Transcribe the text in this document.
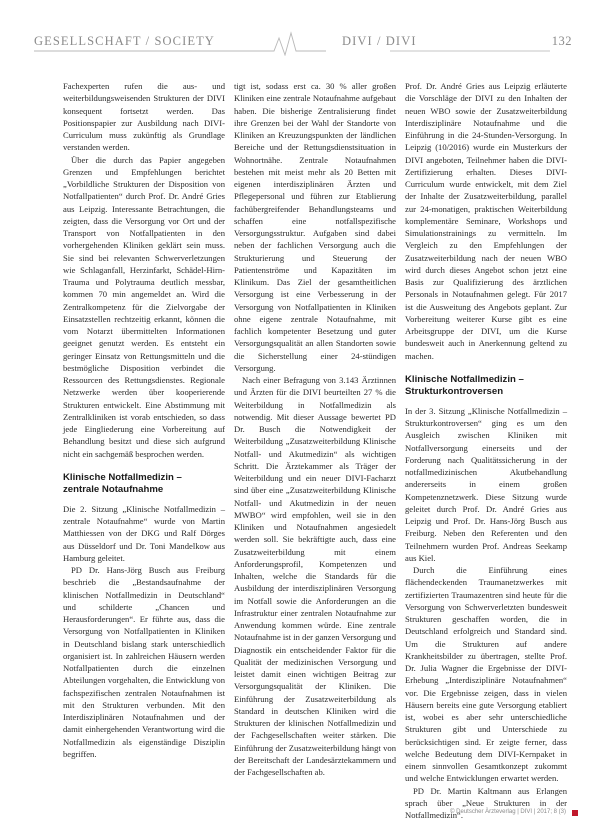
GESELLSCHAFT / SOCIETY	DIVI / DIVI	132

Fachexperten rufen die aus- und weiterbildungsweisenden Strukturen der DIVI konsequent fortsetzt werden. Das Positionspapier zur Ausbildung nach DIVI-Curriculum muss zukünftig als Grundlage verstanden werden.

Über die durch das Papier angegeben Grenzen und Empfehlungen berichtet „Vorbildliche Strukturen der Disposition von Notfallpatienten“ durch Prof. Dr. André Gries aus Leipzig. Interessante Betrachtungen, die zeigten, dass die Versorgung vor Ort und der Transport von Notfallpatienten in den vorhergehenden Kliniken geklärt sein muss. Sie sind bei relevanten Schwerverletzungen wie Schlaganfall, Herzinfarkt, Schädel-Hirn-Trauma und Polytrauma deutlich messbar, kommen 70 min angemeldet an. Wird die Zentralkompetenz für die Zielvorgabe der Einsatzstellen rechtzeitig erkannt, können die vom Notarzt übermittelten Informationen geeignet genutzt werden. Es entsteht ein geringer Einsatz von Rettungsmitteln und die bestmögliche Disposition verbindet die Ressourcen des Rettungsdienstes. Regionale Netzwerke werden über kooperierende Strukturen entwickelt. Eine Abstimmung mit Zentralkliniken ist vorab entschieden, so dass jede Eingliederung eine Vorbereitung auf Behandlung besitzt und diese sich aufgrund nicht ein sachgemäß besprochen werden.

Klinische Notfallmedizin –
zentrale Notaufnahme

Die 2. Sitzung „Klinische Notfallmedizin – zentrale Notaufnahme“ wurde von Martin Matthiessen von der DKG und Ralf Dörges aus Düsseldorf und Dr. Toni Mandelkow aus Hamburg geleitet.

PD Dr. Hans-Jörg Busch aus Freiburg beschrieb die „Bestandsaufnahme der klinischen Notfallmedizin in Deutschland“ und schilderte „Chancen und Herausforderungen“. Er führte aus, dass die Versorgung von Notfallpatienten in Kliniken in Deutschland bislang stark unterschiedlich organisiert ist. In zahlreichen Häusern werden Notfallpatienten durch die einzelnen Abteilungen vorgehalten, die Entwicklung von fachspezifischen zentralen Notaufnahmen ist mit den Strukturen verbunden. Mit den Interdisziplinären Notaufnahmen und der damit einhergehenden Verantwortung wird die Notfallmedizin als eigenständige Disziplin begriffen.

tigt ist, sodass erst ca. 30 % aller großen Kliniken eine zentrale Notaufnahme aufgebaut haben. Die bisherige Zentralisierung findet ihre Grenzen bei der Wahl der Standorte von Kliniken an Kreuzungspunkten der ländlichen Bereiche und der Rettungsdienstsituation in Wohnortnähe. Zentrale Notaufnahmen bestehen mit meist mehr als 20 Betten mit eigenen interdisziplinären Ärzten und Pflegepersonal und führen zur Etablierung fachübergreifender Behandlungsteams und schaffen eine notfallspezifische Versorgungsstruktur. Aufgaben sind dabei neben der fachlichen Versorgung auch die Strukturierung und Steuerung der Patientenströme und Kapazitäten im Klinikum. Das Ziel der gesamtheitlichen Versorgung ist eine Verbesserung in der Versorgung von Notfallpatienten in Kliniken ohne eigene zentrale Notaufnahme, mit fachlich kompetenter Besetzung und guter Versorgungsqualität an allen Standorten sowie die Sicherstellung einer 24-stündigen Versorgung.

Nach einer Befragung von 3.143 Ärztinnen und Ärzten für die DIVI beurteilten 27 % die Weiterbildung in Notfallmedizin als notwendig. Mit dieser Aussage bewertet PD Dr. Busch die Notwendigkeit der Weiterbildung „Zusatzweiterbildung Klinische Notfall- und Akutmedizin“ als wichtigen Schritt. Die Ärztekammer als Träger der Weiterbildung und ein neuer DIVI-Facharzt sind über eine „Zusatzweiterbildung Klinische Notfall- und Akutmedizin in der neuen MWBO“ wird empfohlen, weil sie in den Kliniken und Notaufnahmen angesiedelt werden soll. Sie bekräftigte auch, dass eine Zusatzweiterbildung mit einem Anforderungsprofil, Kompetenzen und Inhalten, welche die Standards für die Ausbildung der interdisziplinären Versorgung im Notfall sowie die Anforderungen an die Infrastruktur einer zentralen Notaufnahme zur Anwendung kommen würde. Eine zentrale Notaufnahme ist in der ganzen Versorgung und Diagnostik ein entscheidender Faktor für die Qualität der medizinischen Versorgung und leistet damit einen wichtigen Beitrag zur Versorgungsqualität der Kliniken. Die Einführung der Zusatzweiterbildung als Standard in deutschen Kliniken wird die Strukturen der klinischen Notfallmedizin und der Fachgesellschaften weiter stärken. Die Einführung der Zusatzweiterbildung hängt von der Bereitschaft der Landesärztekammern und der Fachgesellschaften ab.

Prof. Dr. André Gries aus Leipzig erläuterte die Vorschläge der DIVI zu den Inhalten der neuen WBO sowie der Zusatzweiterbildung Interdisziplinäre Notaufnahme und die Einführung in die 24-Stunden-Versorgung. In Leipzig (10/2016) wurde ein Musterkurs der DIVI angeboten, Teilnehmer haben die DIVI-Zertifizierung erhalten. Dieses DIVI-Curriculum wurde entwickelt, mit dem Ziel der Inhalte der Zusatzweiterbildung, parallel zur 24-monatigen, praktischen Weiterbildung komplementäre Seminare, Workshops und Simulationstrainings zu vermitteln. Im Vergleich zu den Empfehlungen der Zusatzweiterbildung nach der neuen WBO wird durch dieses Angebot schon jetzt eine Basis zur Qualifizierung des ärztlichen Personals in Notaufnahmen gelegt. Für 2017 ist die Ausweitung des Angebots geplant. Zur Vorbereitung weiterer Kurse gibt es eine Arbeitsgruppe der DIVI, um die Kurse bundesweit auch in Anerkennung geltend zu machen.

Klinische Notfallmedizin –
Strukturkontroversen

In der 3. Sitzung „Klinische Notfallmedizin – Strukturkontroversen“ ging es um den Ausgleich zwischen Kliniken mit Notfallversorgung einerseits und der Forderung nach Qualitätssicherung in der notfallmedizinischen Akutbehandlung andererseits in einem großen Kompetenznetzwerk. Diese Sitzung wurde geleitet durch Prof. Dr. André Gries aus Leipzig und Prof. Dr. Hans-Jörg Busch aus Freiburg. Neben den Referenten und den Teilnehmern wurden Prof. Andreas Seekamp aus Kiel.

Durch die Einführung eines flächendeckenden Traumanetzwerkes mit zertifizierten Traumazentren sind heute für die Versorgung von Schwerverletzten bundesweit Strukturen geschaffen worden, die in Deutschland erfolgreich und Standard sind. Um die Strukturen auf andere Krankheitsbilder zu übertragen, stellte Prof. Dr. Julia Wagner die Ergebnisse der DIVI-Erhebung „Interdisziplinäre Notaufnahmen“ vor. Die Ergebnisse zeigen, dass in vielen Häusern bereits eine gute Versorgung etabliert ist, wobei es aber sehr unterschiedliche Strukturen gibt und Unterschiede zu berücksichtigen sind. Er zeigte ferner, dass welche Bedeutung dem DIVI-Kernpaket in einem sinnvollen Gesamtkonzept zukommt und welche Entwicklungen erwartet werden.

PD Dr. Martin Kaltmann aus Erlangen sprach über „Neue Strukturen in der Notfallmedizin“.

© Deutscher Ärzteverlag | DIVI | 2017; 8 (3)
